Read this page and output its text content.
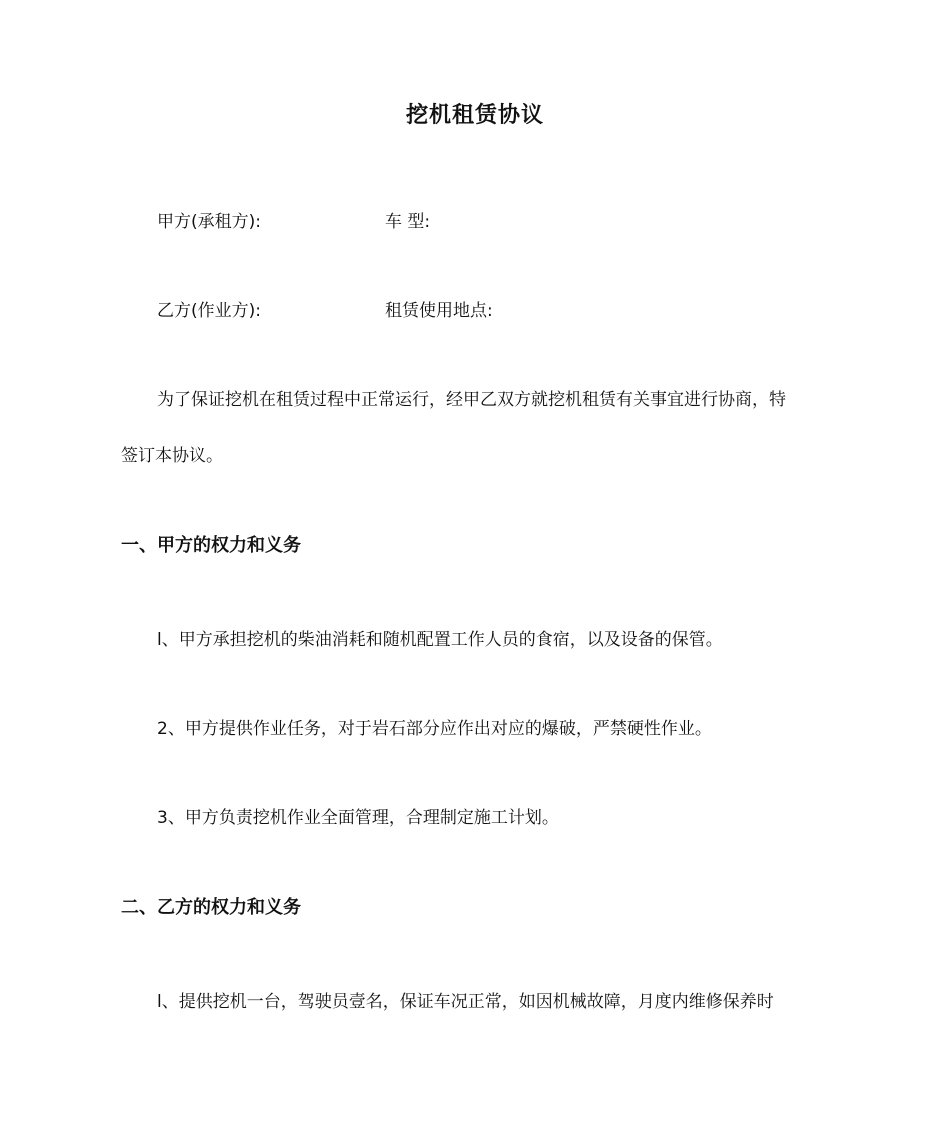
挖机租赁协议
甲方(承租方):	车 型:
乙方(作业方):	租赁使用地点:
为了保证挖机在租赁过程中正常运行，经甲乙双方就挖机租赁有关事宜进行协商，特
签订本协议。
一、甲方的权力和义务
l、甲方承担挖机的柴油消耗和随机配置工作人员的食宿，以及设备的保管。
2、甲方提供作业任务，对于岩石部分应作出对应的爆破，严禁硬性作业。
3、甲方负责挖机作业全面管理，合理制定施工计划。
二、乙方的权力和义务
l、提供挖机一台，驾驶员壹名，保证车况正常，如因机械故障，月度内维修保养时
